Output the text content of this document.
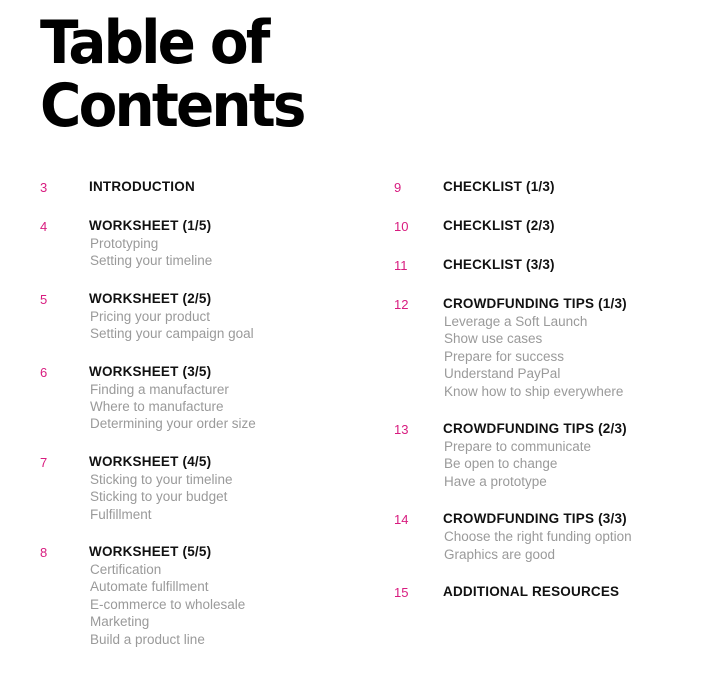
Table of
Contents
3	INTRODUCTION
4	WORKSHEET (1/5)
Prototyping
Setting your timeline
5	WORKSHEET (2/5)
Pricing your product
Setting your campaign goal
6	WORKSHEET (3/5)
Finding a manufacturer
Where to manufacture
Determining your order size
7	WORKSHEET (4/5)
Sticking to your timeline
Sticking to your budget
Fulfillment
8	WORKSHEET (5/5)
Certification
Automate fulfillment
E-commerce to wholesale
Marketing
Build a product line
9	CHECKLIST (1/3)
10	CHECKLIST (2/3)
11	CHECKLIST (3/3)
12	CROWDFUNDING TIPS (1/3)
Leverage a Soft Launch
Show use cases
Prepare for success
Understand PayPal
Know how to ship everywhere
13	CROWDFUNDING TIPS (2/3)
Prepare to communicate
Be open to change
Have a prototype
14	CROWDFUNDING TIPS (3/3)
Choose the right funding option
Graphics are good
15	ADDITIONAL RESOURCES
